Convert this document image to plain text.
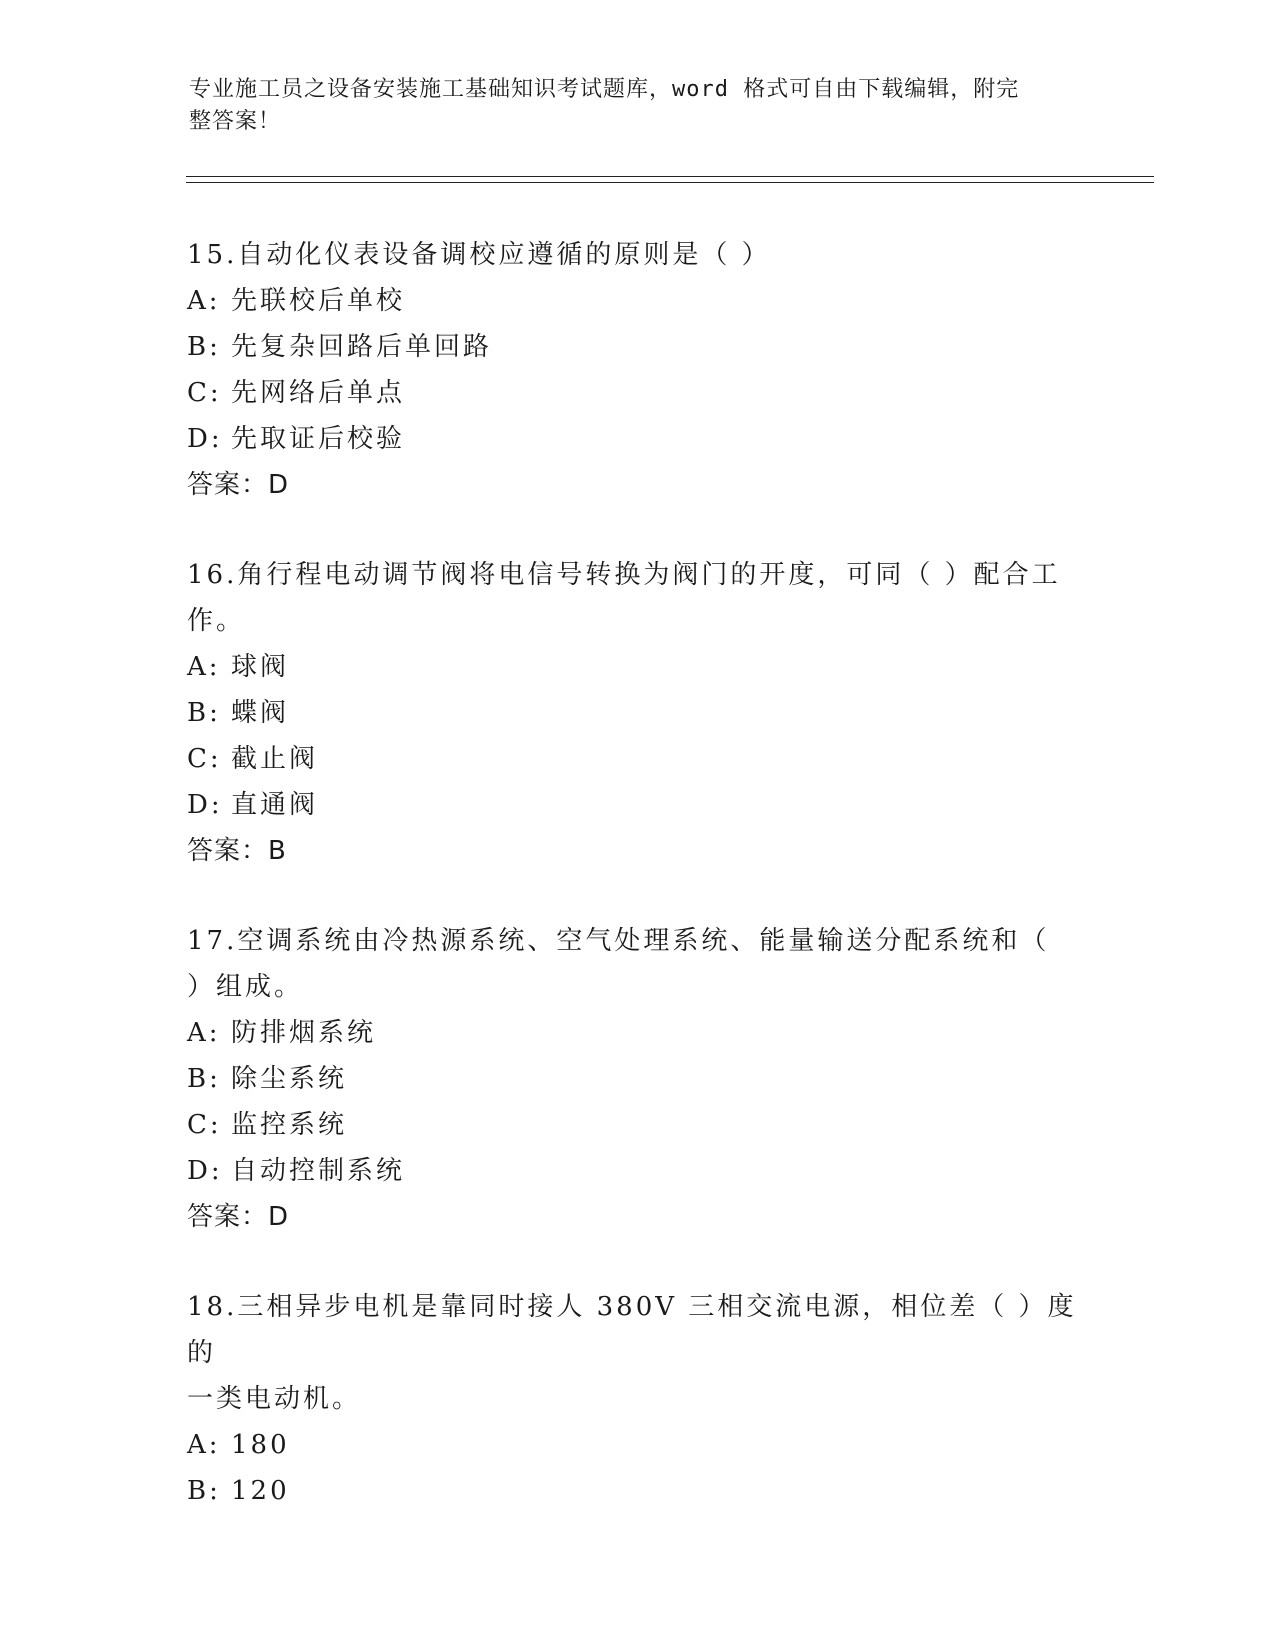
专业施工员之设备安装施工基础知识考试题库，word 格式可自由下载编辑，附完
整答案！
15.自动化仪表设备调校应遵循的原则是（ ）
A: 先联校后单校
B: 先复杂回路后单回路
C: 先网络后单点
D: 先取证后校验
答案：D
16.角行程电动调节阀将电信号转换为阀门的开度，可同（ ）配合工
作。
A: 球阀
B: 蝶阀
C: 截止阀
D: 直通阀
答案：B
17.空调系统由冷热源系统、空气处理系统、能量输送分配系统和（
）组成。
A: 防排烟系统
B: 除尘系统
C: 监控系统
D: 自动控制系统
答案：D
18.三相异步电机是靠同时接人 380V 三相交流电源，相位差（ ）度的
一类电动机。
A: 180
B: 120
